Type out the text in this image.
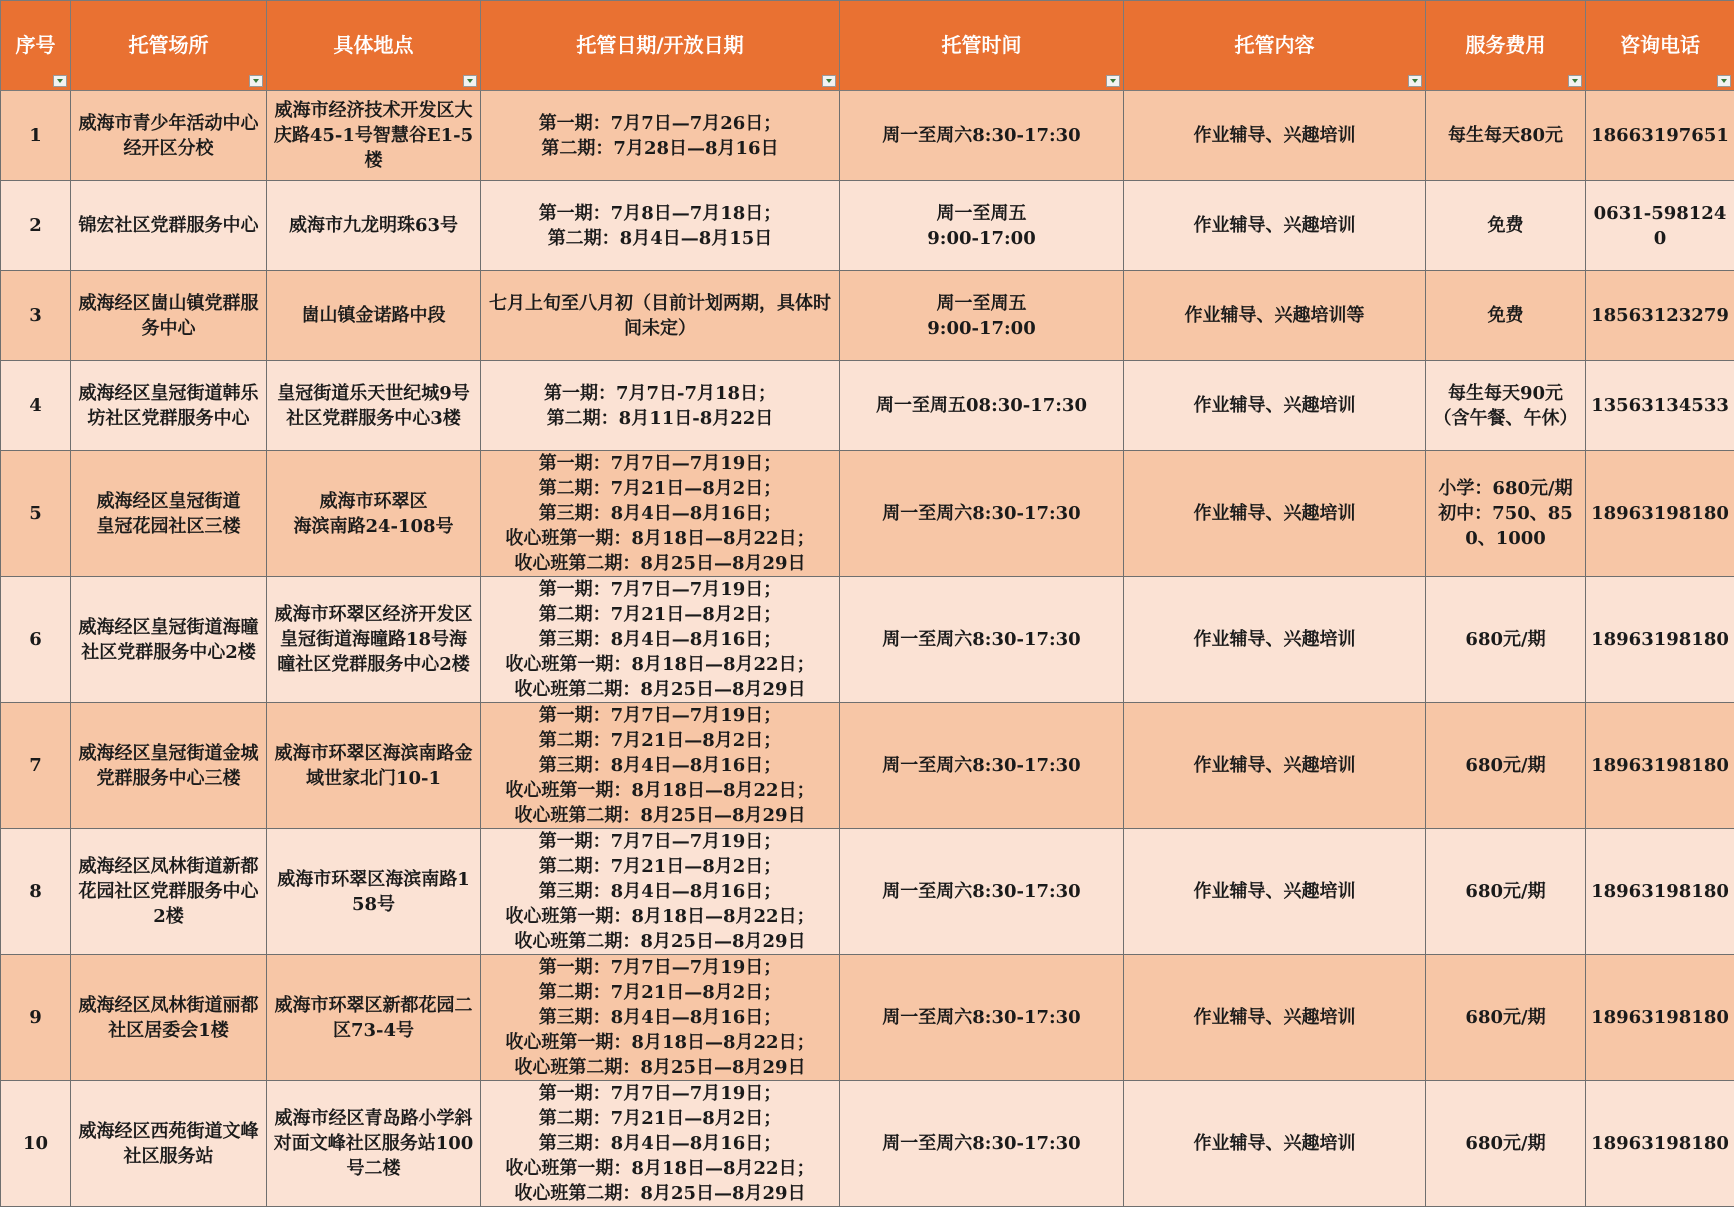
序号	托管场所	具体地点	托管日期/开放日期	托管时间	托管内容	服务费用	咨询电话

1	威海市青少年活动中心经开区分校	威海市经济技术开发区大庆路45-1号智慧谷E1-5楼	第一期：7月7日—7月26日；
第二期：7月28日—8月16日	周一至周六8:30-17:30	作业辅导、兴趣培训	每生每天80元	18663197651
2	锦宏社区党群服务中心	威海市九龙明珠63号	第一期：7月8日—7月18日；
第二期：8月4日—8月15日	周一至周五
9:00-17:00	作业辅导、兴趣培训	免费	0631-5981240
3	威海经区崮山镇党群服务中心	崮山镇金诺路中段	七月上旬至八月初（目前计划两期，具体时间未定）	周一至周五
9:00-17:00	作业辅导、兴趣培训等	免费	18563123279
4	威海经区皇冠街道韩乐坊社区党群服务中心	皇冠街道乐天世纪城9号社区党群服务中心3楼	第一期：7月7日-7月18日；
第二期：8月11日-8月22日	周一至周五08:30-17:30	作业辅导、兴趣培训	每生每天90元（含午餐、午休）	13563134533
5	威海经区皇冠街道
皇冠花园社区三楼	威海市环翠区
海滨南路24-108号	第一期：7月7日—7月19日；
第二期：7月21日—8月2日；
第三期：8月4日—8月16日；
收心班第一期：8月18日—8月22日；
收心班第二期：8月25日—8月29日	周一至周六8:30-17:30	作业辅导、兴趣培训	小学：680元/期
初中：750、850、1000	18963198180
6	威海经区皇冠街道海曈社区党群服务中心2楼	威海市环翠区经济开发区皇冠街道海曈路18号海曈社区党群服务中心2楼	第一期：7月7日—7月19日；
第二期：7月21日—8月2日；
第三期：8月4日—8月16日；
收心班第一期：8月18日—8月22日；
收心班第二期：8月25日—8月29日	周一至周六8:30-17:30	作业辅导、兴趣培训	680元/期	18963198180
7	威海经区皇冠街道金城党群服务中心三楼	威海市环翠区海滨南路金域世家北门10-1	第一期：7月7日—7月19日；
第二期：7月21日—8月2日；
第三期：8月4日—8月16日；
收心班第一期：8月18日—8月22日；
收心班第二期：8月25日—8月29日	周一至周六8:30-17:30	作业辅导、兴趣培训	680元/期	18963198180
8	威海经区凤林街道新都花园社区党群服务中心2楼	威海市环翠区海滨南路158号	第一期：7月7日—7月19日；
第二期：7月21日—8月2日；
第三期：8月4日—8月16日；
收心班第一期：8月18日—8月22日；
收心班第二期：8月25日—8月29日	周一至周六8:30-17:30	作业辅导、兴趣培训	680元/期	18963198180
9	威海经区凤林街道丽都社区居委会1楼	威海市环翠区新都花园二区73-4号	第一期：7月7日—7月19日；
第二期：7月21日—8月2日；
第三期：8月4日—8月16日；
收心班第一期：8月18日—8月22日；
收心班第二期：8月25日—8月29日	周一至周六8:30-17:30	作业辅导、兴趣培训	680元/期	18963198180
10	威海经区西苑街道文峰社区服务站	威海市经区青岛路小学斜对面文峰社区服务站100号二楼	第一期：7月7日—7月19日；
第二期：7月21日—8月2日；
第三期：8月4日—8月16日；
收心班第一期：8月18日—8月22日；
收心班第二期：8月25日—8月29日	周一至周六8:30-17:30	作业辅导、兴趣培训	680元/期	18963198180
